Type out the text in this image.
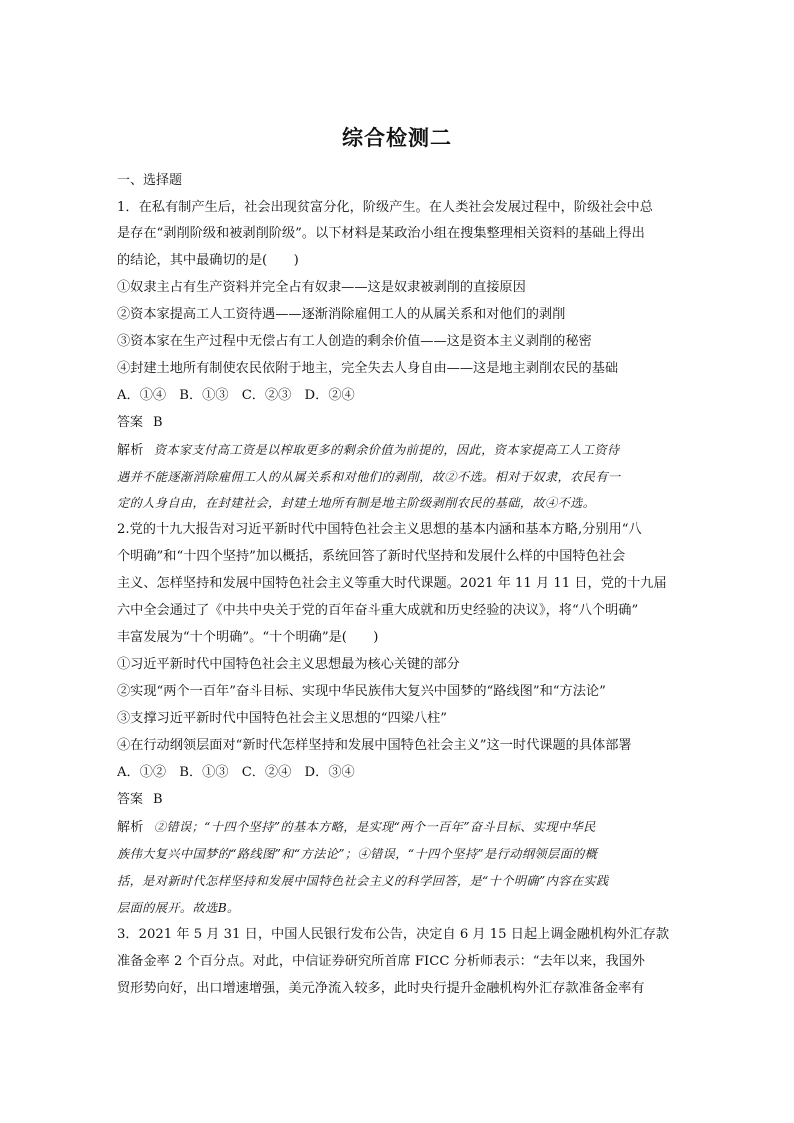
综合检测二
一、选择题
1．在私有制产生后，社会出现贫富分化，阶级产生。在人类社会发展过程中，阶级社会中总
是存在“剥削阶级和被剥削阶级”。以下材料是某政治小组在搜集整理相关资料的基础上得出
的结论，其中最确切的是(　　)
①奴隶主占有生产资料并完全占有奴隶——这是奴隶被剥削的直接原因
②资本家提高工人工资待遇——逐渐消除雇佣工人的从属关系和对他们的剥削
③资本家在生产过程中无偿占有工人创造的剩余价值——这是资本主义剥削的秘密
④封建土地所有制使农民依附于地主，完全失去人身自由——这是地主剥削农民的基础
A．①④　B．①③　C．②③　D．②④
答案 B
解析 资本家支付高工资是以榨取更多的剩余价值为前提的，因此，资本家提高工人工资待
遇并不能逐渐消除雇佣工人的从属关系和对他们的剥削，故②不选。相对于奴隶，农民有一
定的人身自由，在封建社会，封建土地所有制是地主阶级剥削农民的基础，故④不选。
2.党的十九大报告对习近平新时代中国特色社会主义思想的基本内涵和基本方略,分别用“八
个明确”和“十四个坚持”加以概括，系统回答了新时代坚持和发展什么样的中国特色社会
主义、怎样坚持和发展中国特色社会主义等重大时代课题。2021 年 11 月 11 日，党的十九届
六中全会通过了《中共中央关于党的百年奋斗重大成就和历史经验的决议》，将“八个明确”
丰富发展为“十个明确”。“十个明确”是(　　)
①习近平新时代中国特色社会主义思想最为核心关键的部分
②实现“两个一百年”奋斗目标、实现中华民族伟大复兴中国梦的“路线图”和“方法论”
③支撑习近平新时代中国特色社会主义思想的“四梁八柱”
④在行动纲领层面对“新时代怎样坚持和发展中国特色社会主义”这一时代课题的具体部署
A．①②　B．①③　C．②④　D．③④
答案 B
解析 ②错误；“十四个坚持”的基本方略，是实现“两个一百年”奋斗目标、实现中华民
族伟大复兴中国梦的“路线图”和“方法论”；④错误，“十四个坚持”是行动纲领层面的概
括，是对新时代怎样坚持和发展中国特色社会主义的科学回答，是“十个明确”内容在实践
层面的展开。故选B。
3．2021 年 5 月 31 日，中国人民银行发布公告，决定自 6 月 15 日起上调金融机构外汇存款
准备金率 2 个百分点。对此，中信证券研究所首席 FICC 分析师表示：“去年以来，我国外
贸形势向好，出口增速增强，美元净流入较多，此时央行提升金融机构外汇存款准备金率有
